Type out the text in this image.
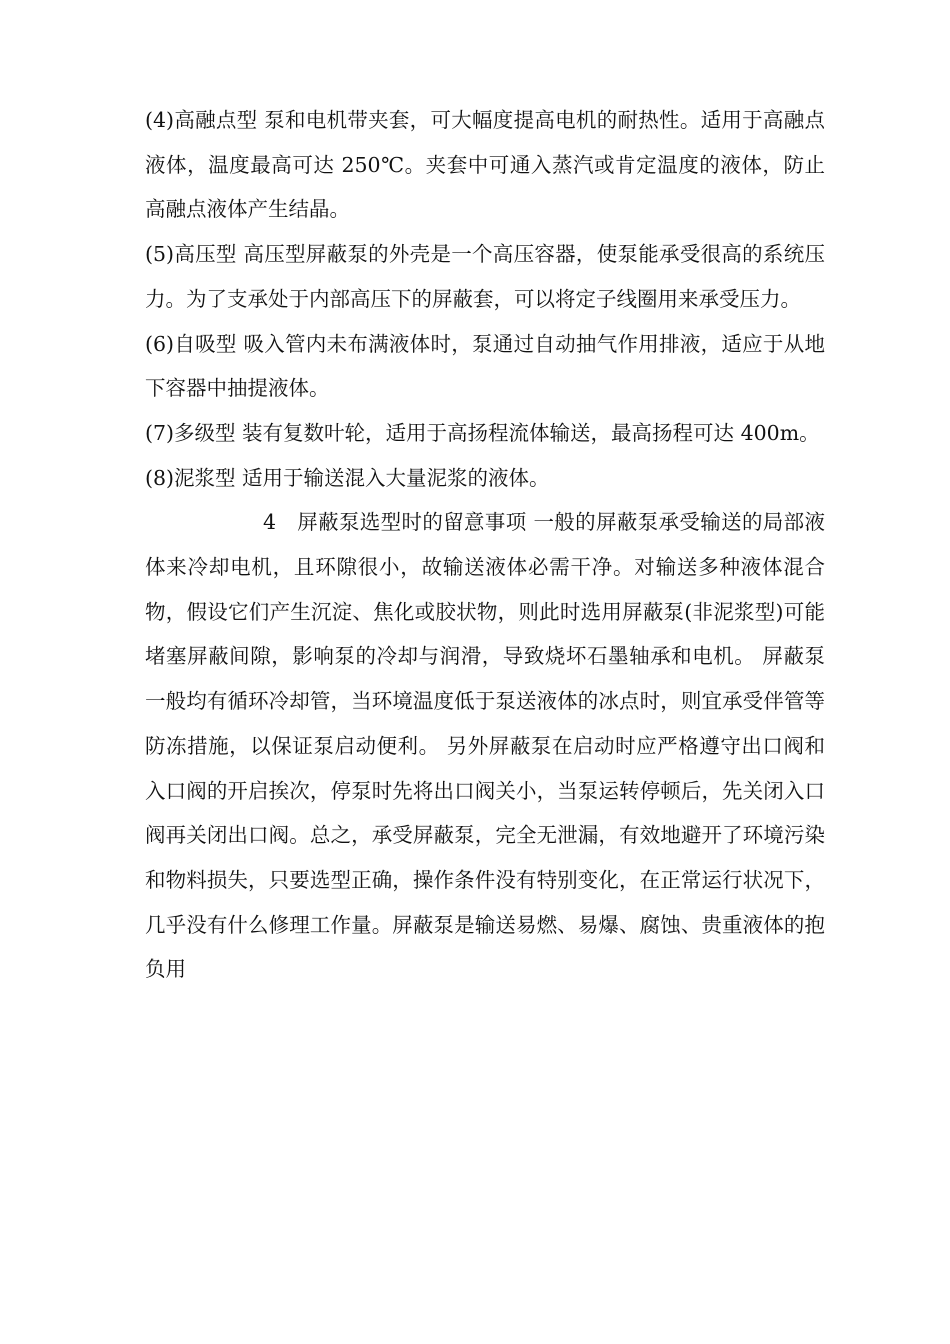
(4)高融点型 泵和电机带夹套，可大幅度提高电机的耐热性。适用于高融点液体，温度最高可达 250℃。夹套中可通入蒸汽或肯定温度的液体，防止高融点液体产生结晶。

(5)高压型 高压型屏蔽泵的外壳是一个高压容器，使泵能承受很高的系统压力。为了支承处于内部高压下的屏蔽套，可以将定子线圈用来承受压力。

(6)自吸型 吸入管内未布满液体时，泵通过自动抽气作用排液，适应于从地下容器中抽提液体。

(7)多级型 装有复数叶轮，适用于高扬程流体输送，最高扬程可达 400m。

(8)泥浆型 适用于输送混入大量泥浆的液体。

4　屏蔽泵选型时的留意事项 一般的屏蔽泵承受输送的局部液体来冷却电机，且环隙很小，故输送液体必需干净。对输送多种液体混合物，假设它们产生沉淀、焦化或胶状物，则此时选用屏蔽泵(非泥浆型)可能堵塞屏蔽间隙，影响泵的冷却与润滑，导致烧坏石墨轴承和电机。 屏蔽泵一般均有循环冷却管，当环境温度低于泵送液体的冰点时，则宜承受伴管等防冻措施，以保证泵启动便利。 另外屏蔽泵在启动时应严格遵守出口阀和入口阀的开启挨次，停泵时先将出口阀关小，当泵运转停顿后，先关闭入口阀再关闭出口阀。总之，承受屏蔽泵，完全无泄漏，有效地避开了环境污染和物料损失，只要选型正确，操作条件没有特别变化，在正常运行状况下，几乎没有什么修理工作量。屏蔽泵是输送易燃、易爆、腐蚀、贵重液体的抱负用
